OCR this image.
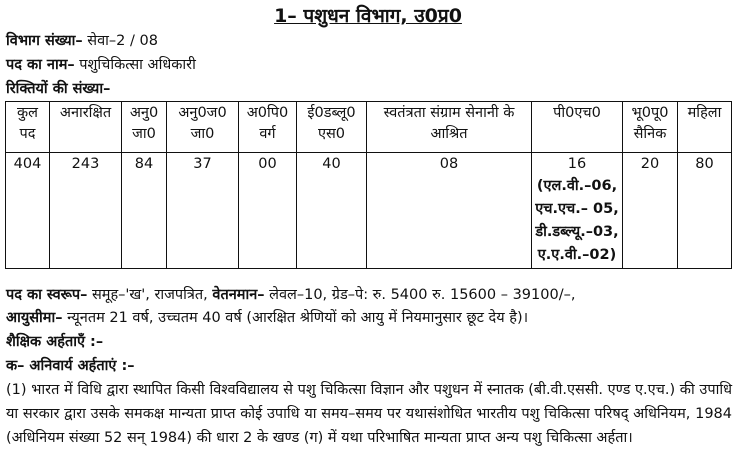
1– पशुधन विभाग, उ0प्र0
विभाग संख्या– सेवा–2 / 08
पद का नाम– पशुचिकित्सा अधिकारी
रिक्तियों की संख्या–
कुल पद	अनारक्षित	अनु0 जा0	अनु0ज0 जा0	अ0पि0 वर्ग	ई0डब्लू0 एस0	स्वतंत्रता संग्राम सेनानी के आश्रित	पी0एच0	भू0पू0 सैनिक	महिला
404	243	84	37	00	40	08	16
(एल.वी.–06,
एच.एच.– 05,
डी.डब्ल्यू.–03,
ए.ए.वी.–02)	20	80
पद का स्वरूप– समूह–'ख', राजपत्रित, वेतनमान– लेवल–10, ग्रेड–पे: रु. 5400 रु. 15600 – 39100/–,
आयुसीमा– न्यूनतम 21 वर्ष, उच्चतम 40 वर्ष (आरक्षित श्रेणियों को आयु में नियमानुसार छूट देय है)।
शैक्षिक अर्हताएँ :–
क– अनिवार्य अर्हताएं :–
(1) भारत में विधि द्वारा स्थापित किसी विश्वविद्यालय से पशु चिकित्सा विज्ञान और पशुधन में स्नातक (बी.वी.एससी. एण्ड ए.एच.) की उपाधि या सरकार द्वारा उसके समकक्ष मान्यता प्राप्त कोई उपाधि या समय–समय पर यथासंशोधित भारतीय पशु चिकित्सा परिषद् अधिनियम, 1984 (अधिनियम संख्या 52 सन् 1984) की धारा 2 के खण्ड (ग) में यथा परिभाषित मान्यता प्राप्त अन्य पशु चिकित्सा अर्हता।
